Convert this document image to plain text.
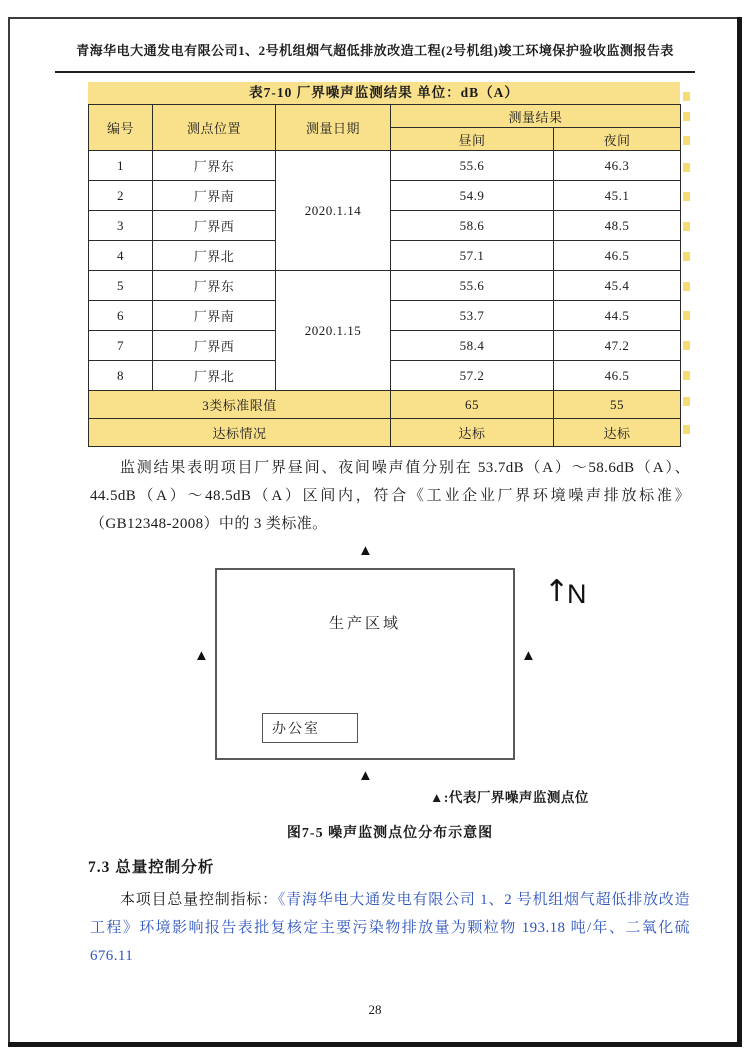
青海华电大通发电有限公司1、2号机组烟气超低排放改造工程(2号机组)竣工环境保护验收监测报告表
表7-10 厂界噪声监测结果 单位：dB（A）
编号	测点位置	测量日期	测量结果	
			昼间	夜间
1	厂界东	2020.1.14	55.6	46.3
2	厂界南		54.9	45.1
3	厂界西		58.6	48.5
4	厂界北		57.1	46.5
5	厂界东	2020.1.15	55.6	45.4
6	厂界南		53.7	44.5
7	厂界西		58.4	47.2
8	厂界北		57.2	46.5
3类标准限值			65	55
达标情况			达标	达标
监测结果表明项目厂界昼间、夜间噪声值分别在 53.7dB（A）～58.6dB（A）、44.5dB（A）～48.5dB（A）区间内，符合《工业企业厂界环境噪声排放标准》（GB12348-2008）中的 3 类标准。
▲
生产区域
办公室
▲	▲
▲
↑
N
▲:代表厂界噪声监测点位
图7-5 噪声监测点位分布示意图
7.3 总量控制分析
本项目总量控制指标：《青海华电大通发电有限公司 1、2 号机组烟气超低排放改造工程》环境影响报告表批复核定主要污染物排放量为颗粒物 193.18 吨/年、二氧化硫 676.11
28
